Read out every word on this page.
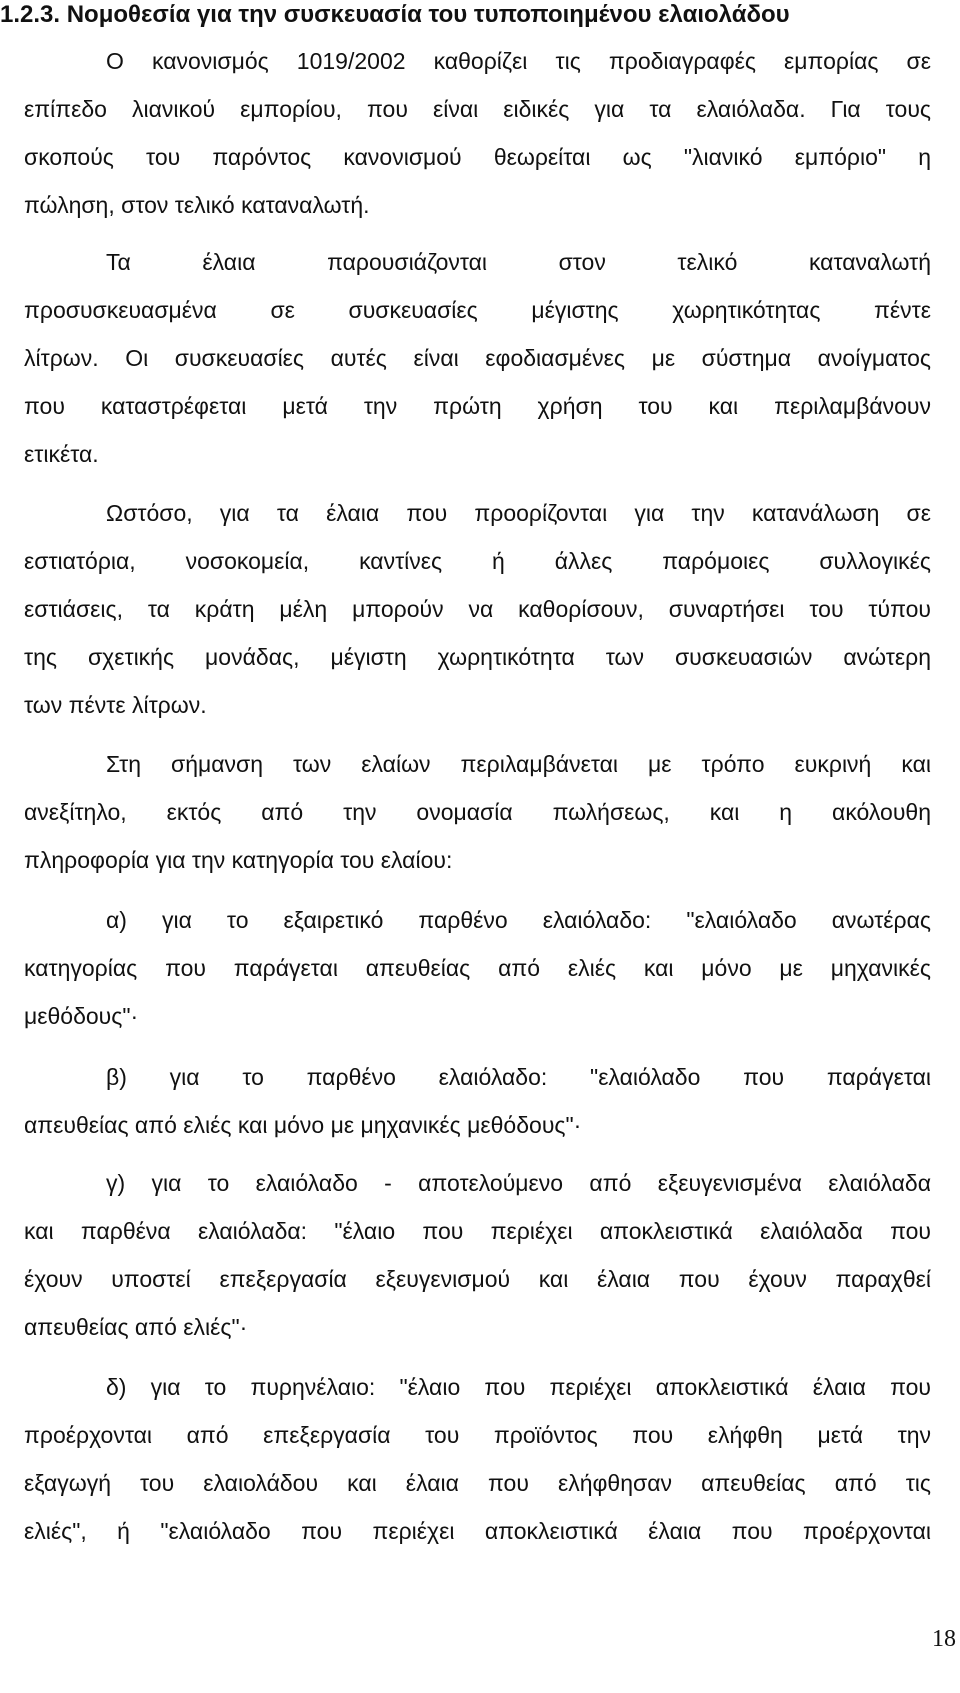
1.2.3. Νομοθεσία για την συσκευασία του τυποποιημένου ελαιολάδου
Ο κανονισμός 1019/2002 καθορίζει τις προδιαγραφές εμπορίας σε
επίπεδο λιανικού εμπορίου, που είναι ειδικές για τα ελαιόλαδα. Για τους
σκοπούς του παρόντος κανονισμού θεωρείται ως "λιανικό εμπόριο" η
πώληση, στον τελικό καταναλωτή.
Τα έλαια παρουσιάζονται στον τελικό καταναλωτή
προσυσκευασμένα σε συσκευασίες μέγιστης χωρητικότητας πέντε
λίτρων. Οι συσκευασίες αυτές είναι εφοδιασμένες με σύστημα ανοίγματος
που καταστρέφεται μετά την πρώτη χρήση του και περιλαμβάνουν
ετικέτα.
Ωστόσο, για τα έλαια που προορίζονται για την κατανάλωση σε
εστιατόρια, νοσοκομεία, καντίνες ή άλλες παρόμοιες συλλογικές
εστιάσεις, τα κράτη μέλη μπορούν να καθορίσουν, συναρτήσει του τύπου
της σχετικής μονάδας, μέγιστη χωρητικότητα των συσκευασιών ανώτερη
των πέντε λίτρων.
Στη σήμανση των ελαίων περιλαμβάνεται με τρόπο ευκρινή και
ανεξίτηλο, εκτός από την ονομασία πωλήσεως, και η ακόλουθη
πληροφορία για την κατηγορία του ελαίου:
α) για το εξαιρετικό παρθένο ελαιόλαδο: "ελαιόλαδο ανωτέρας
κατηγορίας που παράγεται απευθείας από ελιές και μόνο με μηχανικές
μεθόδους"·
β) για το παρθένο ελαιόλαδο: "ελαιόλαδο που παράγεται
απευθείας από ελιές και μόνο με μηχανικές μεθόδους"·
γ) για το ελαιόλαδο - αποτελούμενο από εξευγενισμένα ελαιόλαδα
και παρθένα ελαιόλαδα: "έλαιο που περιέχει αποκλειστικά ελαιόλαδα που
έχουν υποστεί επεξεργασία εξευγενισμού και έλαια που έχουν παραχθεί
απευθείας από ελιές"·
δ) για το πυρηνέλαιο: "έλαιο που περιέχει αποκλειστικά έλαια που
προέρχονται από επεξεργασία του προϊόντος που ελήφθη μετά την
εξαγωγή του ελαιολάδου και έλαια που ελήφθησαν απευθείας από τις
ελιές", ή "ελαιόλαδο που περιέχει αποκλειστικά έλαια που προέρχονται
18
